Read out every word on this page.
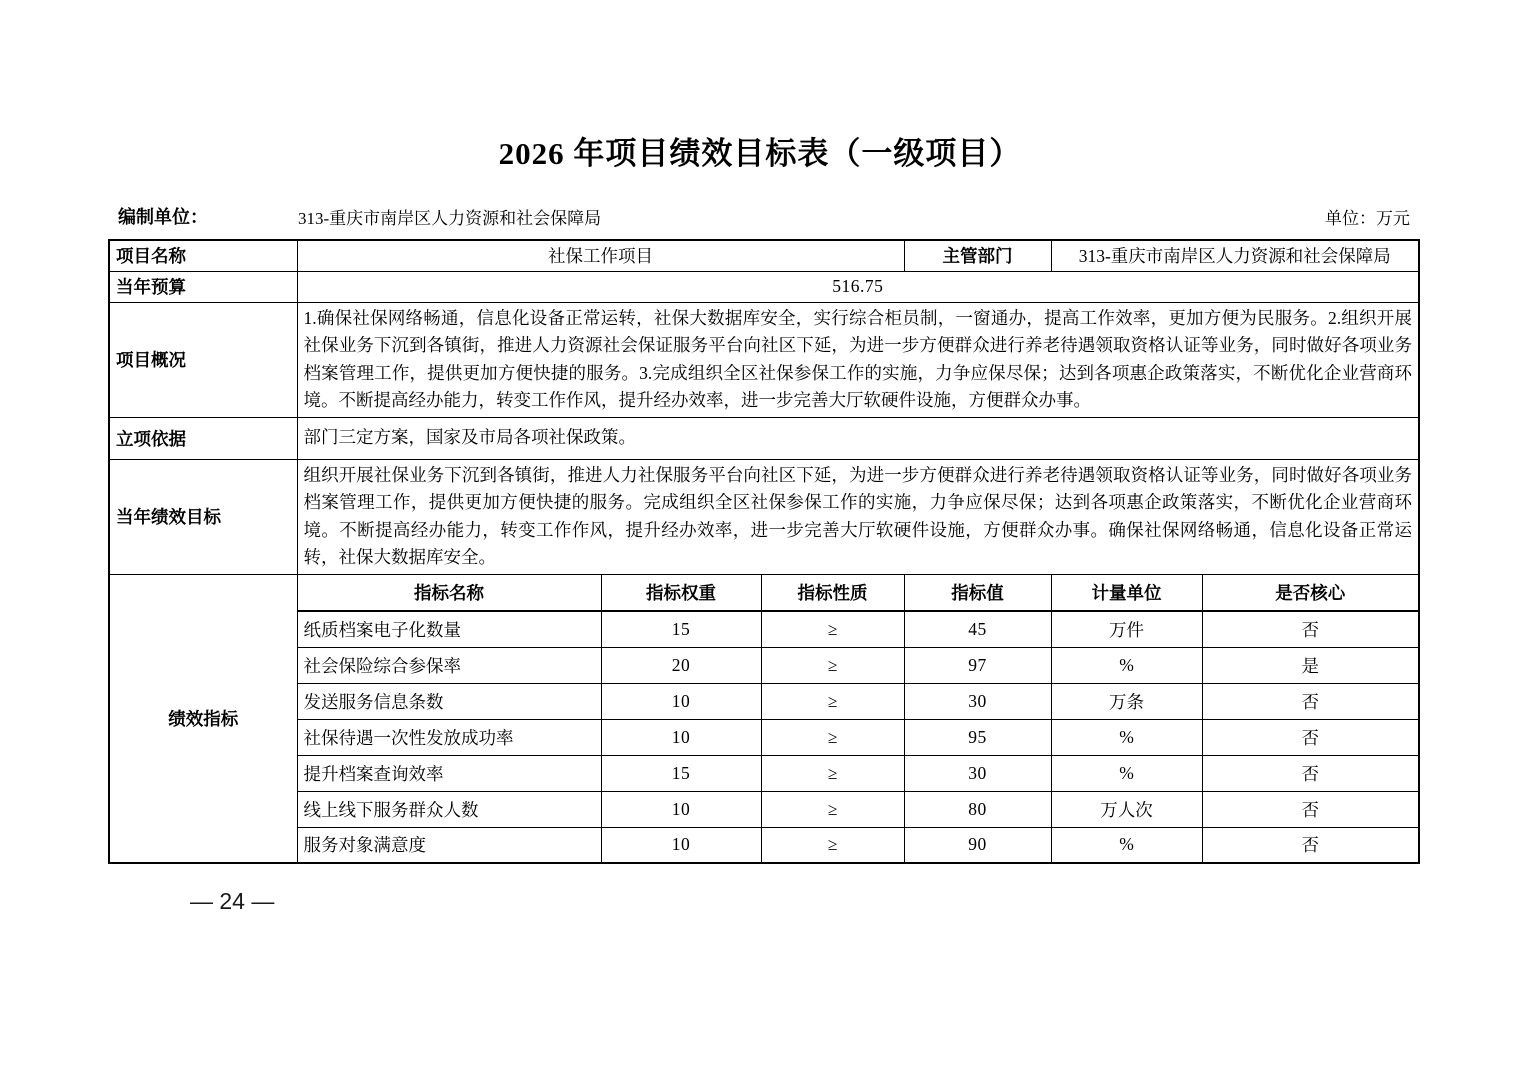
2026 年项目绩效目标表（一级项目）
编制单位：	313-重庆市南岸区人力资源和社会保障局	单位：万元
项目名称	社保工作项目			主管部门	313-重庆市南岸区人力资源和社会保障局	
当年预算	516.75					
项目概况	1.确保社保网络畅通，信息化设备正常运转，社保大数据库安全，实行综合柜员制，一窗通办，提高工作效率，更加方便为民服务。2.组织开展社保业务下沉到各镇街，推进人力资源社会保证服务平台向社区下延，为进一步方便群众进行养老待遇领取资格认证等业务，同时做好各项业务档案管理工作，提供更加方便快捷的服务。3.完成组织全区社保参保工作的实施，力争应保尽保；达到各项惠企政策落实，不断优化企业营商环境。不断提高经办能力，转变工作作风，提升经办效率，进一步完善大厅软硬件设施，方便群众办事。					
立项依据	部门三定方案，国家及市局各项社保政策。					
当年绩效目标	组织开展社保业务下沉到各镇街，推进人力社保服务平台向社区下延，为进一步方便群众进行养老待遇领取资格认证等业务，同时做好各项业务档案管理工作，提供更加方便快捷的服务。完成组织全区社保参保工作的实施，力争应保尽保；达到各项惠企政策落实，不断优化企业营商环境。不断提高经办能力，转变工作作风，提升经办效率，进一步完善大厅软硬件设施，方便群众办事。确保社保网络畅通，信息化设备正常运转，社保大数据库安全。					
绩效指标	指标名称	指标权重	指标性质	指标值	计量单位	是否核心
	纸质档案电子化数量	15	≥	45	万件	否
	社会保险综合参保率	20	≥	97	%	是
	发送服务信息条数	10	≥	30	万条	否
	社保待遇一次性发放成功率	10	≥	95	%	否
	提升档案查询效率	15	≥	30	%	否
	线上线下服务群众人数	10	≥	80	万人次	否
	服务对象满意度	10	≥	90	%	否
— 24 —
